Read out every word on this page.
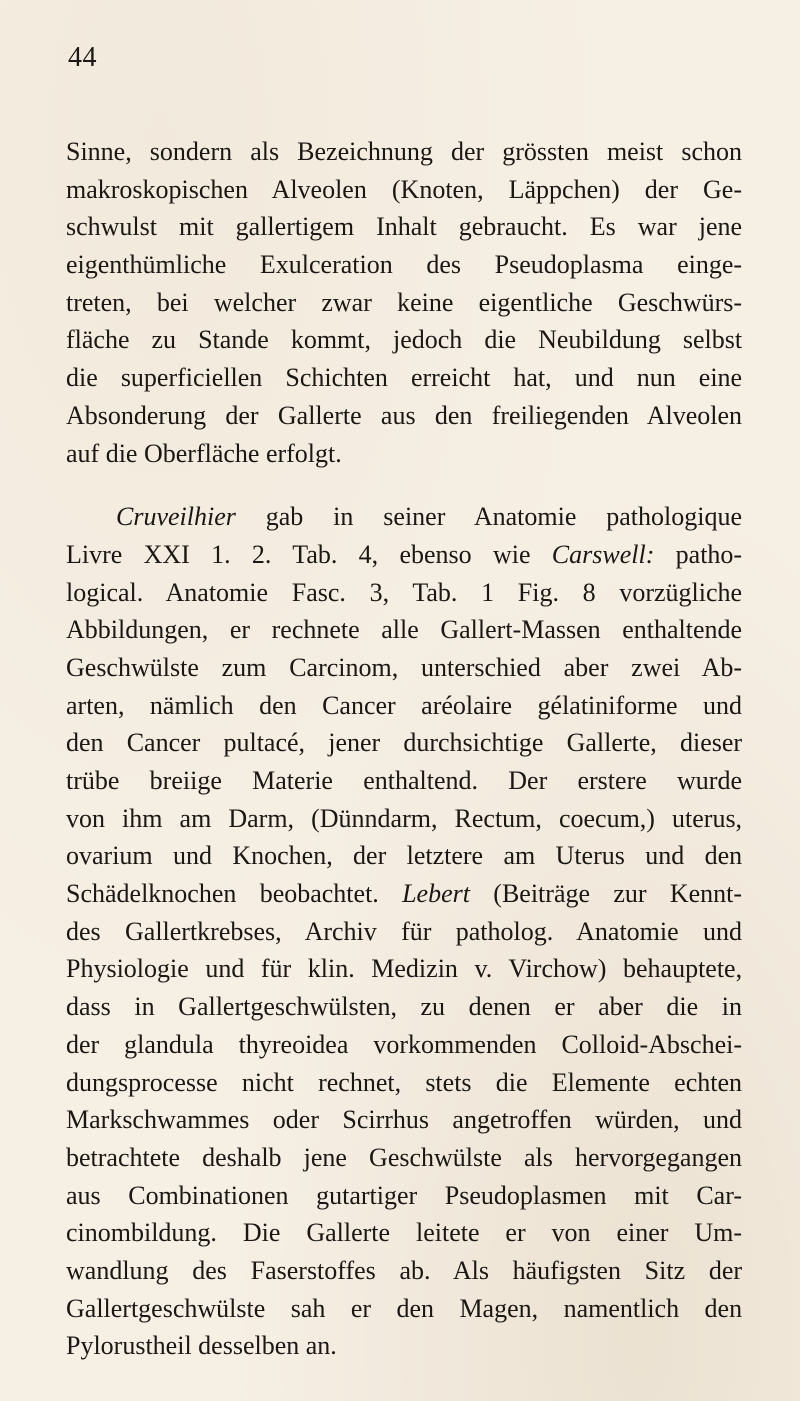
44
Sinne, sondern als Bezeichnung der grössten meist schon
makroskopischen Alveolen (Knoten, Läppchen) der Ge-
schwulst mit gallertigem Inhalt gebraucht. Es war jene
eigenthümliche Exulceration des Pseudoplasma einge-
treten, bei welcher zwar keine eigentliche Geschwürs-
fläche zu Stande kommt, jedoch die Neubildung selbst
die superficiellen Schichten erreicht hat, und nun eine
Absonderung der Gallerte aus den freiliegenden Alveolen
auf die Oberfläche erfolgt.
Cruveilhier gab in seiner Anatomie pathologique
Livre XXI 1. 2. Tab. 4, ebenso wie Carswell: patho-
logical. Anatomie Fasc. 3, Tab. 1 Fig. 8 vorzügliche
Abbildungen, er rechnete alle Gallert-Massen enthaltende
Geschwülste zum Carcinom, unterschied aber zwei Ab-
arten, nämlich den Cancer aréolaire gélatiniforme und
den Cancer pultacé, jener durchsichtige Gallerte, dieser
trübe breiige Materie enthaltend. Der erstere wurde
von ihm am Darm, (Dünndarm, Rectum, coecum,) uterus,
ovarium und Knochen, der letztere am Uterus und den
Schädelknochen beobachtet. Lebert (Beiträge zur Kennt-
des Gallertkrebses, Archiv für patholog. Anatomie und
Physiologie und für klin. Medizin v. Virchow) behauptete,
dass in Gallertgeschwülsten, zu denen er aber die in
der glandula thyreoidea vorkommenden Colloid-Abschei-
dungsprocesse nicht rechnet, stets die Elemente echten
Markschwammes oder Scirrhus angetroffen würden, und
betrachtete deshalb jene Geschwülste als hervorgegangen
aus Combinationen gutartiger Pseudoplasmen mit Car-
cinombildung. Die Gallerte leitete er von einer Um-
wandlung des Faserstoffes ab. Als häufigsten Sitz der
Gallertgeschwülste sah er den Magen, namentlich den
Pylorustheil desselben an.
